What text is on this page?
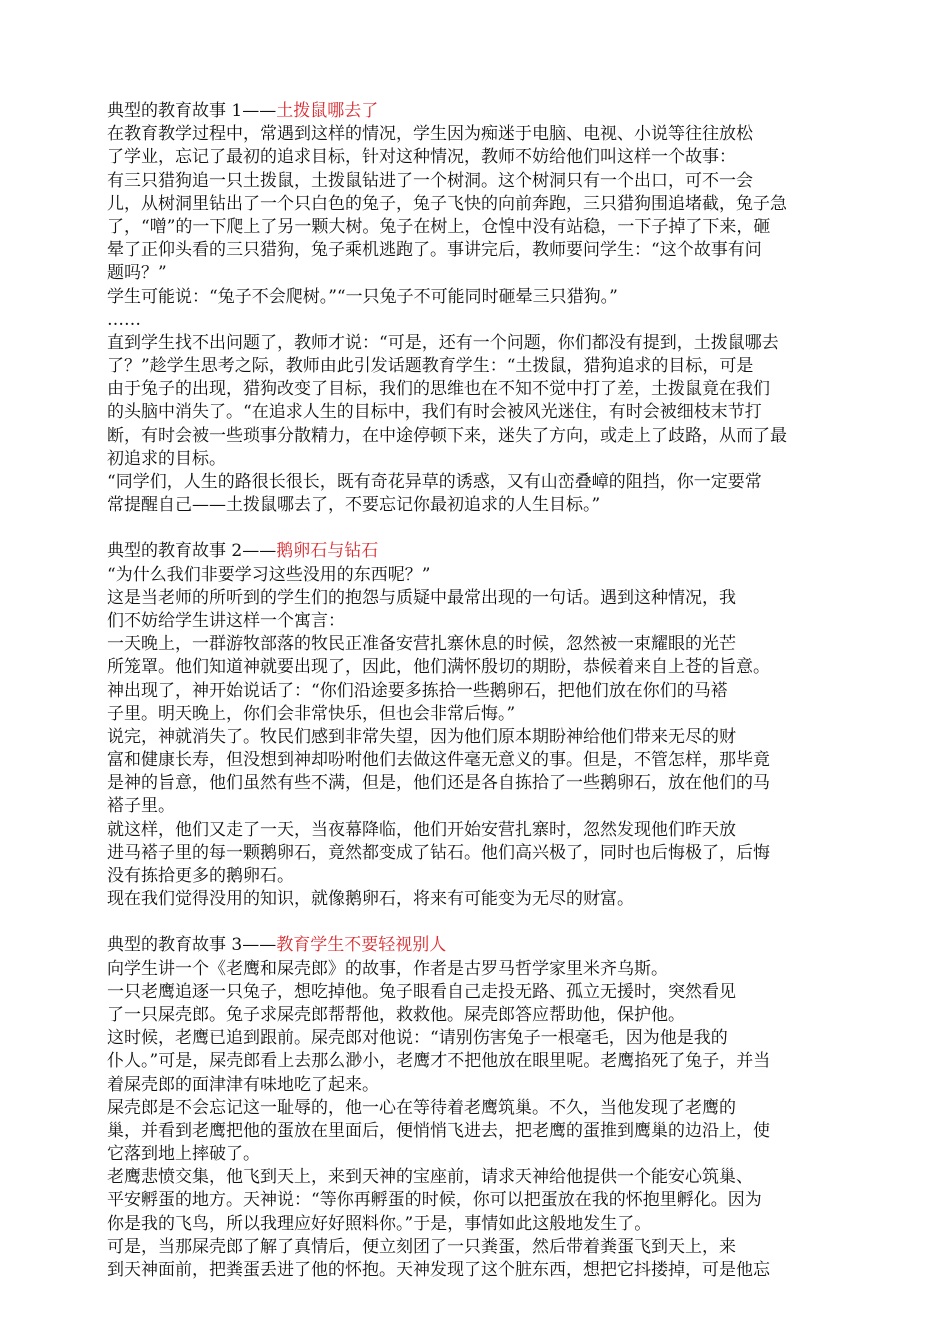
典型的教育故事 1——土拨鼠哪去了
在教育教学过程中，常遇到这样的情况，学生因为痴迷于电脑、电视、小说等往往放松
了学业，忘记了最初的追求目标，针对这种情况，教师不妨给他们叫这样一个故事：
有三只猎狗追一只土拨鼠，土拨鼠钻进了一个树洞。这个树洞只有一个出口，可不一会
儿，从树洞里钻出了一个只白色的兔子，兔子飞快的向前奔跑，三只猎狗围追堵截，兔子急
了，“噌”的一下爬上了另一颗大树。兔子在树上，仓惶中没有站稳，一下子掉了下来，砸
晕了正仰头看的三只猎狗，兔子乘机逃跑了。事讲完后，教师要问学生：“这个故事有问
题吗？”
学生可能说：“兔子不会爬树。”“一只兔子不可能同时砸晕三只猎狗。”
……
直到学生找不出问题了，教师才说：“可是，还有一个问题，你们都没有提到，土拨鼠哪去
了？”趁学生思考之际，教师由此引发话题教育学生：“土拨鼠，猎狗追求的目标，可是
由于兔子的出现，猎狗改变了目标，我们的思维也在不知不觉中打了差，土拨鼠竟在我们
的头脑中消失了。“在追求人生的目标中，我们有时会被风光迷住，有时会被细枝末节打
断，有时会被一些琐事分散精力，在中途停顿下来，迷失了方向，或走上了歧路，从而了最
初追求的目标。
“同学们，人生的路很长很长，既有奇花异草的诱惑，又有山峦叠嶂的阻挡，你一定要常
常提醒自己——土拨鼠哪去了，不要忘记你最初追求的人生目标。”
典型的教育故事 2——鹅卵石与钻石
“为什么我们非要学习这些没用的东西呢？”
这是当老师的所听到的学生们的抱怨与质疑中最常出现的一句话。遇到这种情况，我
们不妨给学生讲这样一个寓言：
一天晚上，一群游牧部落的牧民正准备安营扎寨休息的时候，忽然被一束耀眼的光芒
所笼罩。他们知道神就要出现了，因此，他们满怀殷切的期盼，恭候着来自上苍的旨意。
神出现了，神开始说话了：“你们沿途要多拣拾一些鹅卵石，把他们放在你们的马褡
子里。明天晚上，你们会非常快乐，但也会非常后悔。”
说完，神就消失了。牧民们感到非常失望，因为他们原本期盼神给他们带来无尽的财
富和健康长寿，但没想到神却吩咐他们去做这件毫无意义的事。但是，不管怎样，那毕竟
是神的旨意，他们虽然有些不满，但是，他们还是各自拣拾了一些鹅卵石，放在他们的马
褡子里。
就这样，他们又走了一天，当夜幕降临，他们开始安营扎寨时，忽然发现他们昨天放
进马褡子里的每一颗鹅卵石，竟然都变成了钻石。他们高兴极了，同时也后悔极了，后悔
没有拣拾更多的鹅卵石。
现在我们觉得没用的知识，就像鹅卵石，将来有可能变为无尽的财富。
典型的教育故事 3——教育学生不要轻视别人
向学生讲一个《老鹰和屎壳郎》的故事，作者是古罗马哲学家里米齐乌斯。
一只老鹰追逐一只兔子，想吃掉他。兔子眼看自己走投无路、孤立无援时，突然看见
了一只屎壳郎。兔子求屎壳郎帮帮他，救救他。屎壳郎答应帮助他，保护他。
这时候，老鹰已追到跟前。屎壳郎对他说：“请别伤害兔子一根毫毛，因为他是我的
仆人。”可是，屎壳郎看上去那么渺小，老鹰才不把他放在眼里呢。老鹰掐死了兔子，并当
着屎壳郎的面津津有味地吃了起来。
屎壳郎是不会忘记这一耻辱的，他一心在等待着老鹰筑巢。不久，当他发现了老鹰的
巢，并看到老鹰把他的蛋放在里面后，便悄悄飞进去，把老鹰的蛋推到鹰巢的边沿上，使
它落到地上摔破了。
老鹰悲愤交集，他飞到天上，来到天神的宝座前，请求天神给他提供一个能安心筑巢、
平安孵蛋的地方。天神说：“等你再孵蛋的时候，你可以把蛋放在我的怀抱里孵化。因为
你是我的飞鸟，所以我理应好好照料你。”于是，事情如此这般地发生了。
可是，当那屎壳郎了解了真情后，便立刻团了一只粪蛋，然后带着粪蛋飞到天上，来
到天神面前，把粪蛋丢进了他的怀抱。天神发现了这个脏东西，想把它抖搂掉，可是他忘
